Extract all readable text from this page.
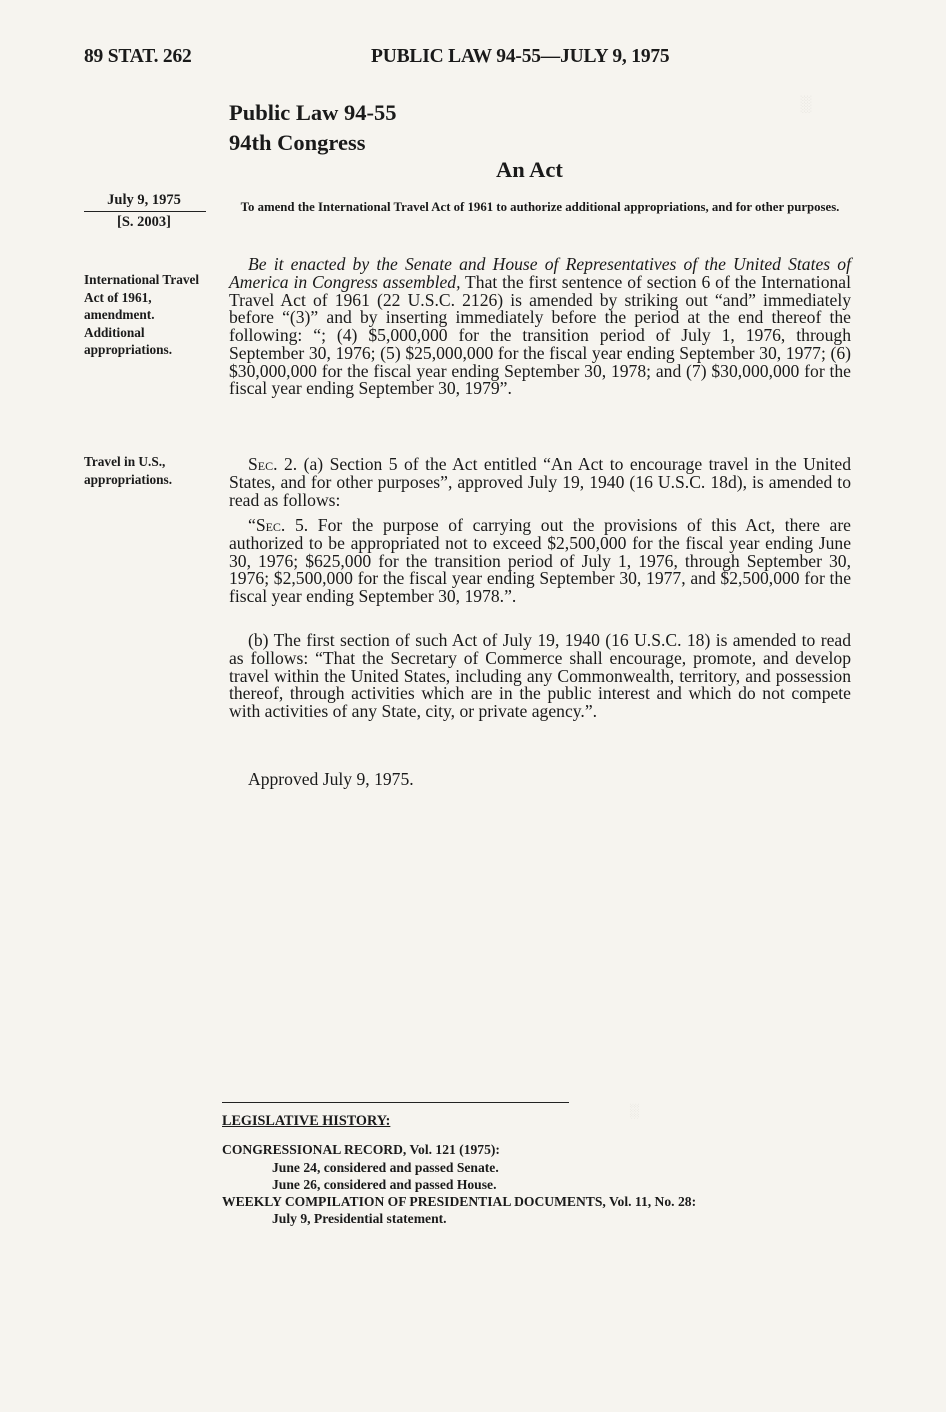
░
░
89 STAT. 262	PUBLIC LAW 94-55—JULY 9, 1975
Public Law 94-55
94th Congress
An Act
July 9, 1975
[S. 2003]
To amend the International Travel Act of 1961 to authorize additional appropriations, and for other purposes.
International Travel Act of 1961, amendment. Additional appropriations.
Travel in U.S., appropriations.
Be it enacted by the Senate and House of Representatives of the United States of America in Congress assembled, That the first sentence of section 6 of the International Travel Act of 1961 (22 U.S.C. 2126) is amended by striking out “and” immediately before “(3)” and by inserting immediately before the period at the end thereof the following: “; (4) $5,000,000 for the transition period of July 1, 1976, through September 30, 1976; (5) $25,000,000 for the fiscal year ending September 30, 1977; (6) $30,000,000 for the fiscal year ending September 30, 1978; and (7) $30,000,000 for the fiscal year ending September 30, 1979”.
Sec. 2. (a) Section 5 of the Act entitled “An Act to encourage travel in the United States, and for other purposes”, approved July 19, 1940 (16 U.S.C. 18d), is amended to read as follows:
“Sec. 5. For the purpose of carrying out the provisions of this Act, there are authorized to be appropriated not to exceed $2,500,000 for the fiscal year ending June 30, 1976; $625,000 for the transition period of July 1, 1976, through September 30, 1976; $2,500,000 for the fiscal year ending September 30, 1977, and $2,500,000 for the fiscal year ending September 30, 1978.”.
(b) The first section of such Act of July 19, 1940 (16 U.S.C. 18) is amended to read as follows: “That the Secretary of Commerce shall encourage, promote, and develop travel within the United States, including any Commonwealth, territory, and possession thereof, through activities which are in the public interest and which do not compete with activities of any State, city, or private agency.”.
Approved July 9, 1975.
LEGISLATIVE HISTORY:
CONGRESSIONAL RECORD, Vol. 121 (1975):
June 24, considered and passed Senate.
June 26, considered and passed House.
WEEKLY COMPILATION OF PRESIDENTIAL DOCUMENTS, Vol. 11, No. 28:
July 9, Presidential statement.
